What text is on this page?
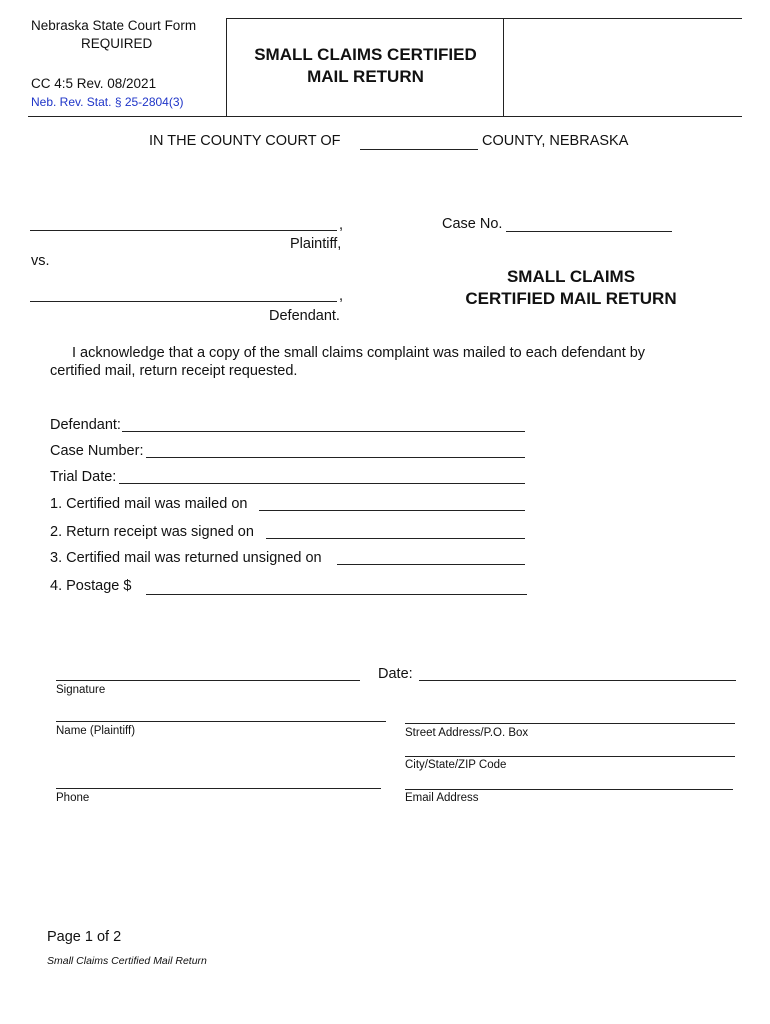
Nebraska State Court Form
REQUIRED
CC 4:5 Rev. 08/2021
Neb. Rev. Stat. § 25-2804(3)
SMALL CLAIMS CERTIFIED
MAIL RETURN
IN THE COUNTY COURT OF	COUNTY, NEBRASKA
,
Plaintiff,
vs.
,
Defendant.
Case No.
SMALL CLAIMS
CERTIFIED MAIL RETURN
I acknowledge that a copy of the small claims complaint was mailed to each defendant by
certified mail, return receipt requested.
Defendant:
Case Number:
Trial Date:
1. Certified mail was mailed on
2. Return receipt was signed on
3. Certified mail was returned unsigned on
4. Postage $
Signature
Date:
Name (Plaintiff)	Street Address/P.O. Box
City/State/ZIP Code
Phone	Email Address
Page 1 of 2
Small Claims Certified Mail Return
